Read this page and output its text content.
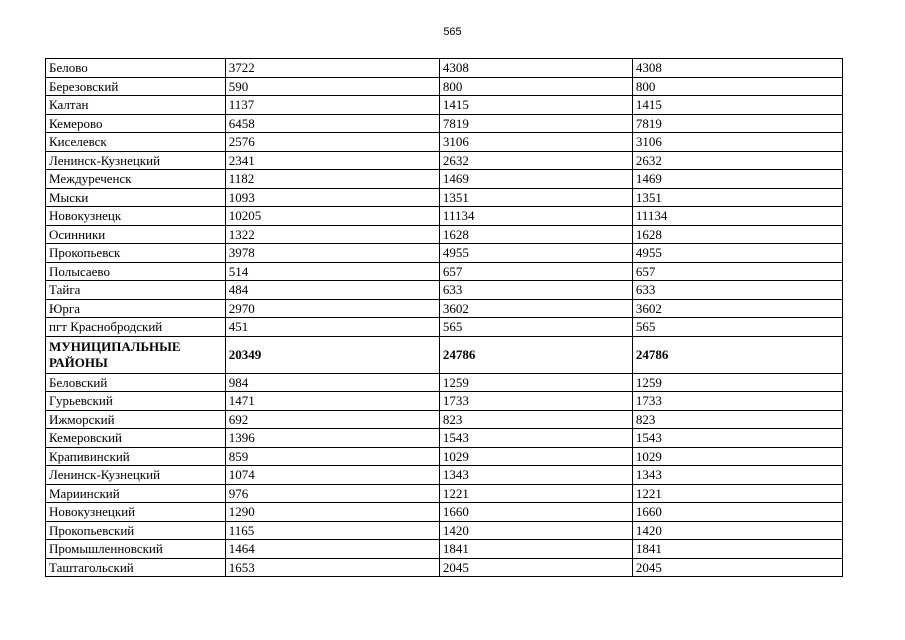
565
Белово	3722	4308	4308
Березовский	590	800	800
Калтан	1137	1415	1415
Кемерово	6458	7819	7819
Киселевск	2576	3106	3106
Ленинск-Кузнецкий	2341	2632	2632
Междуреченск	1182	1469	1469
Мыски	1093	1351	1351
Новокузнецк	10205	11134	11134
Осинники	1322	1628	1628
Прокопьевск	3978	4955	4955
Полысаево	514	657	657
Тайга	484	633	633
Юрга	2970	3602	3602
пгт Краснобродский	451	565	565
МУНИЦИПАЛЬНЫЕ РАЙОНЫ	20349	24786	24786
Беловский	984	1259	1259
Гурьевский	1471	1733	1733
Ижморский	692	823	823
Кемеровский	1396	1543	1543
Крапивинский	859	1029	1029
Ленинск-Кузнецкий	1074	1343	1343
Мариинский	976	1221	1221
Новокузнецкий	1290	1660	1660
Прокопьевский	1165	1420	1420
Промышленновский	1464	1841	1841
Таштагольский	1653	2045	2045
